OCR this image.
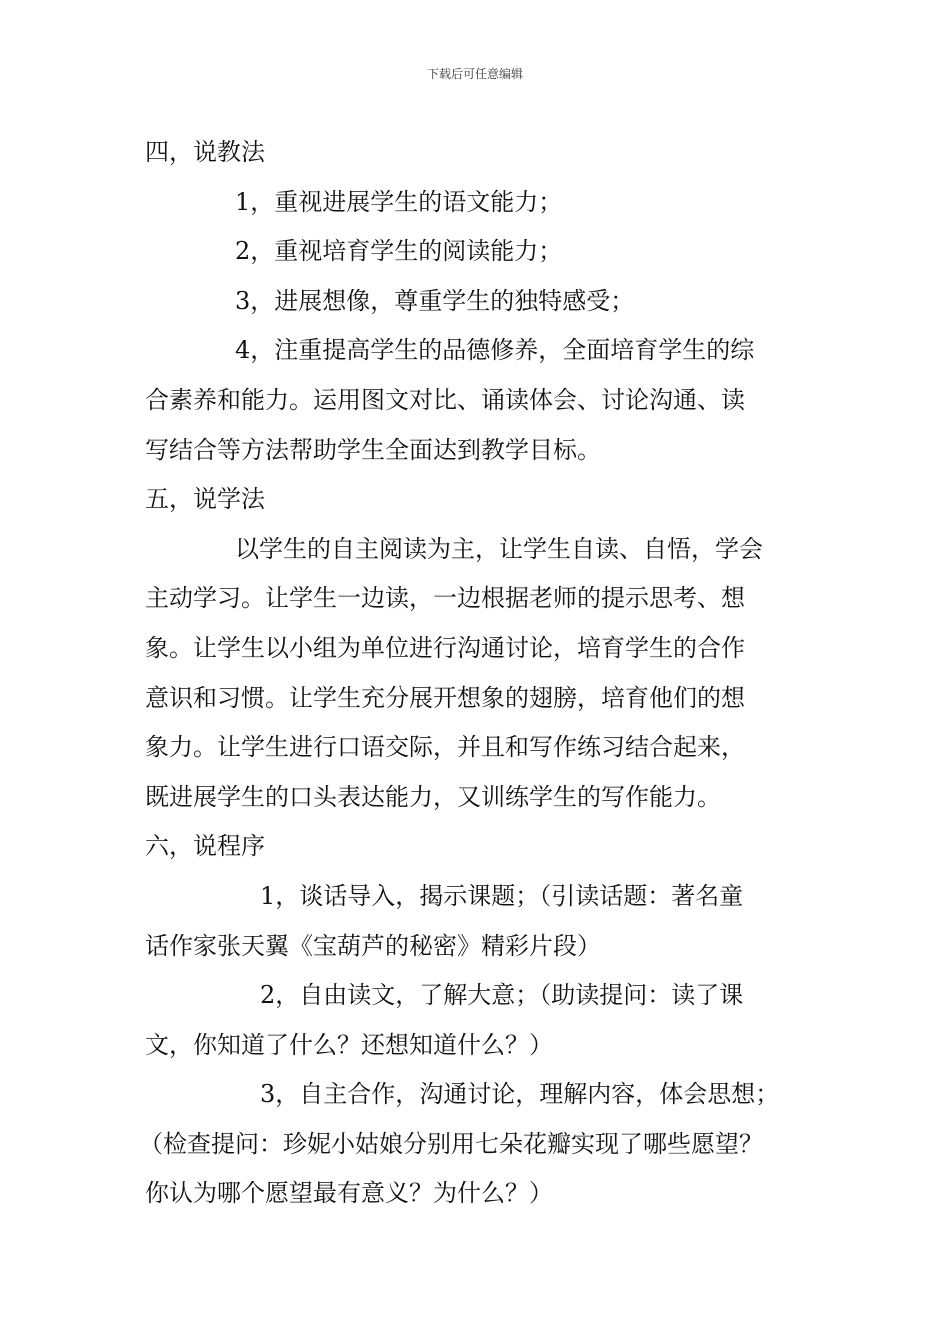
下载后可任意编辑

四，说教法

1，重视进展学生的语文能力；

2，重视培育学生的阅读能力；

3，进展想像，尊重学生的独特感受；

4，注重提高学生的品德修养，全面培育学生的综

合素养和能力。运用图文对比、诵读体会、讨论沟通、读

写结合等方法帮助学生全面达到教学目标。

五，说学法

以学生的自主阅读为主，让学生自读、自悟，学会

主动学习。让学生一边读，一边根据老师的提示思考、想

象。让学生以小组为单位进行沟通讨论，培育学生的合作

意识和习惯。让学生充分展开想象的翅膀，培育他们的想

象力。让学生进行口语交际，并且和写作练习结合起来，

既进展学生的口头表达能力，又训练学生的写作能力。

六，说程序

1，谈话导入，揭示课题；（引读话题：著名童

话作家张天翼《宝葫芦的秘密》精彩片段）

2，自由读文，了解大意；（助读提问：读了课

文，你知道了什么？还想知道什么？）

3，自主合作，沟通讨论，理解内容，体会思想；

（检查提问：珍妮小姑娘分别用七朵花瓣实现了哪些愿望？

你认为哪个愿望最有意义？为什么？）
